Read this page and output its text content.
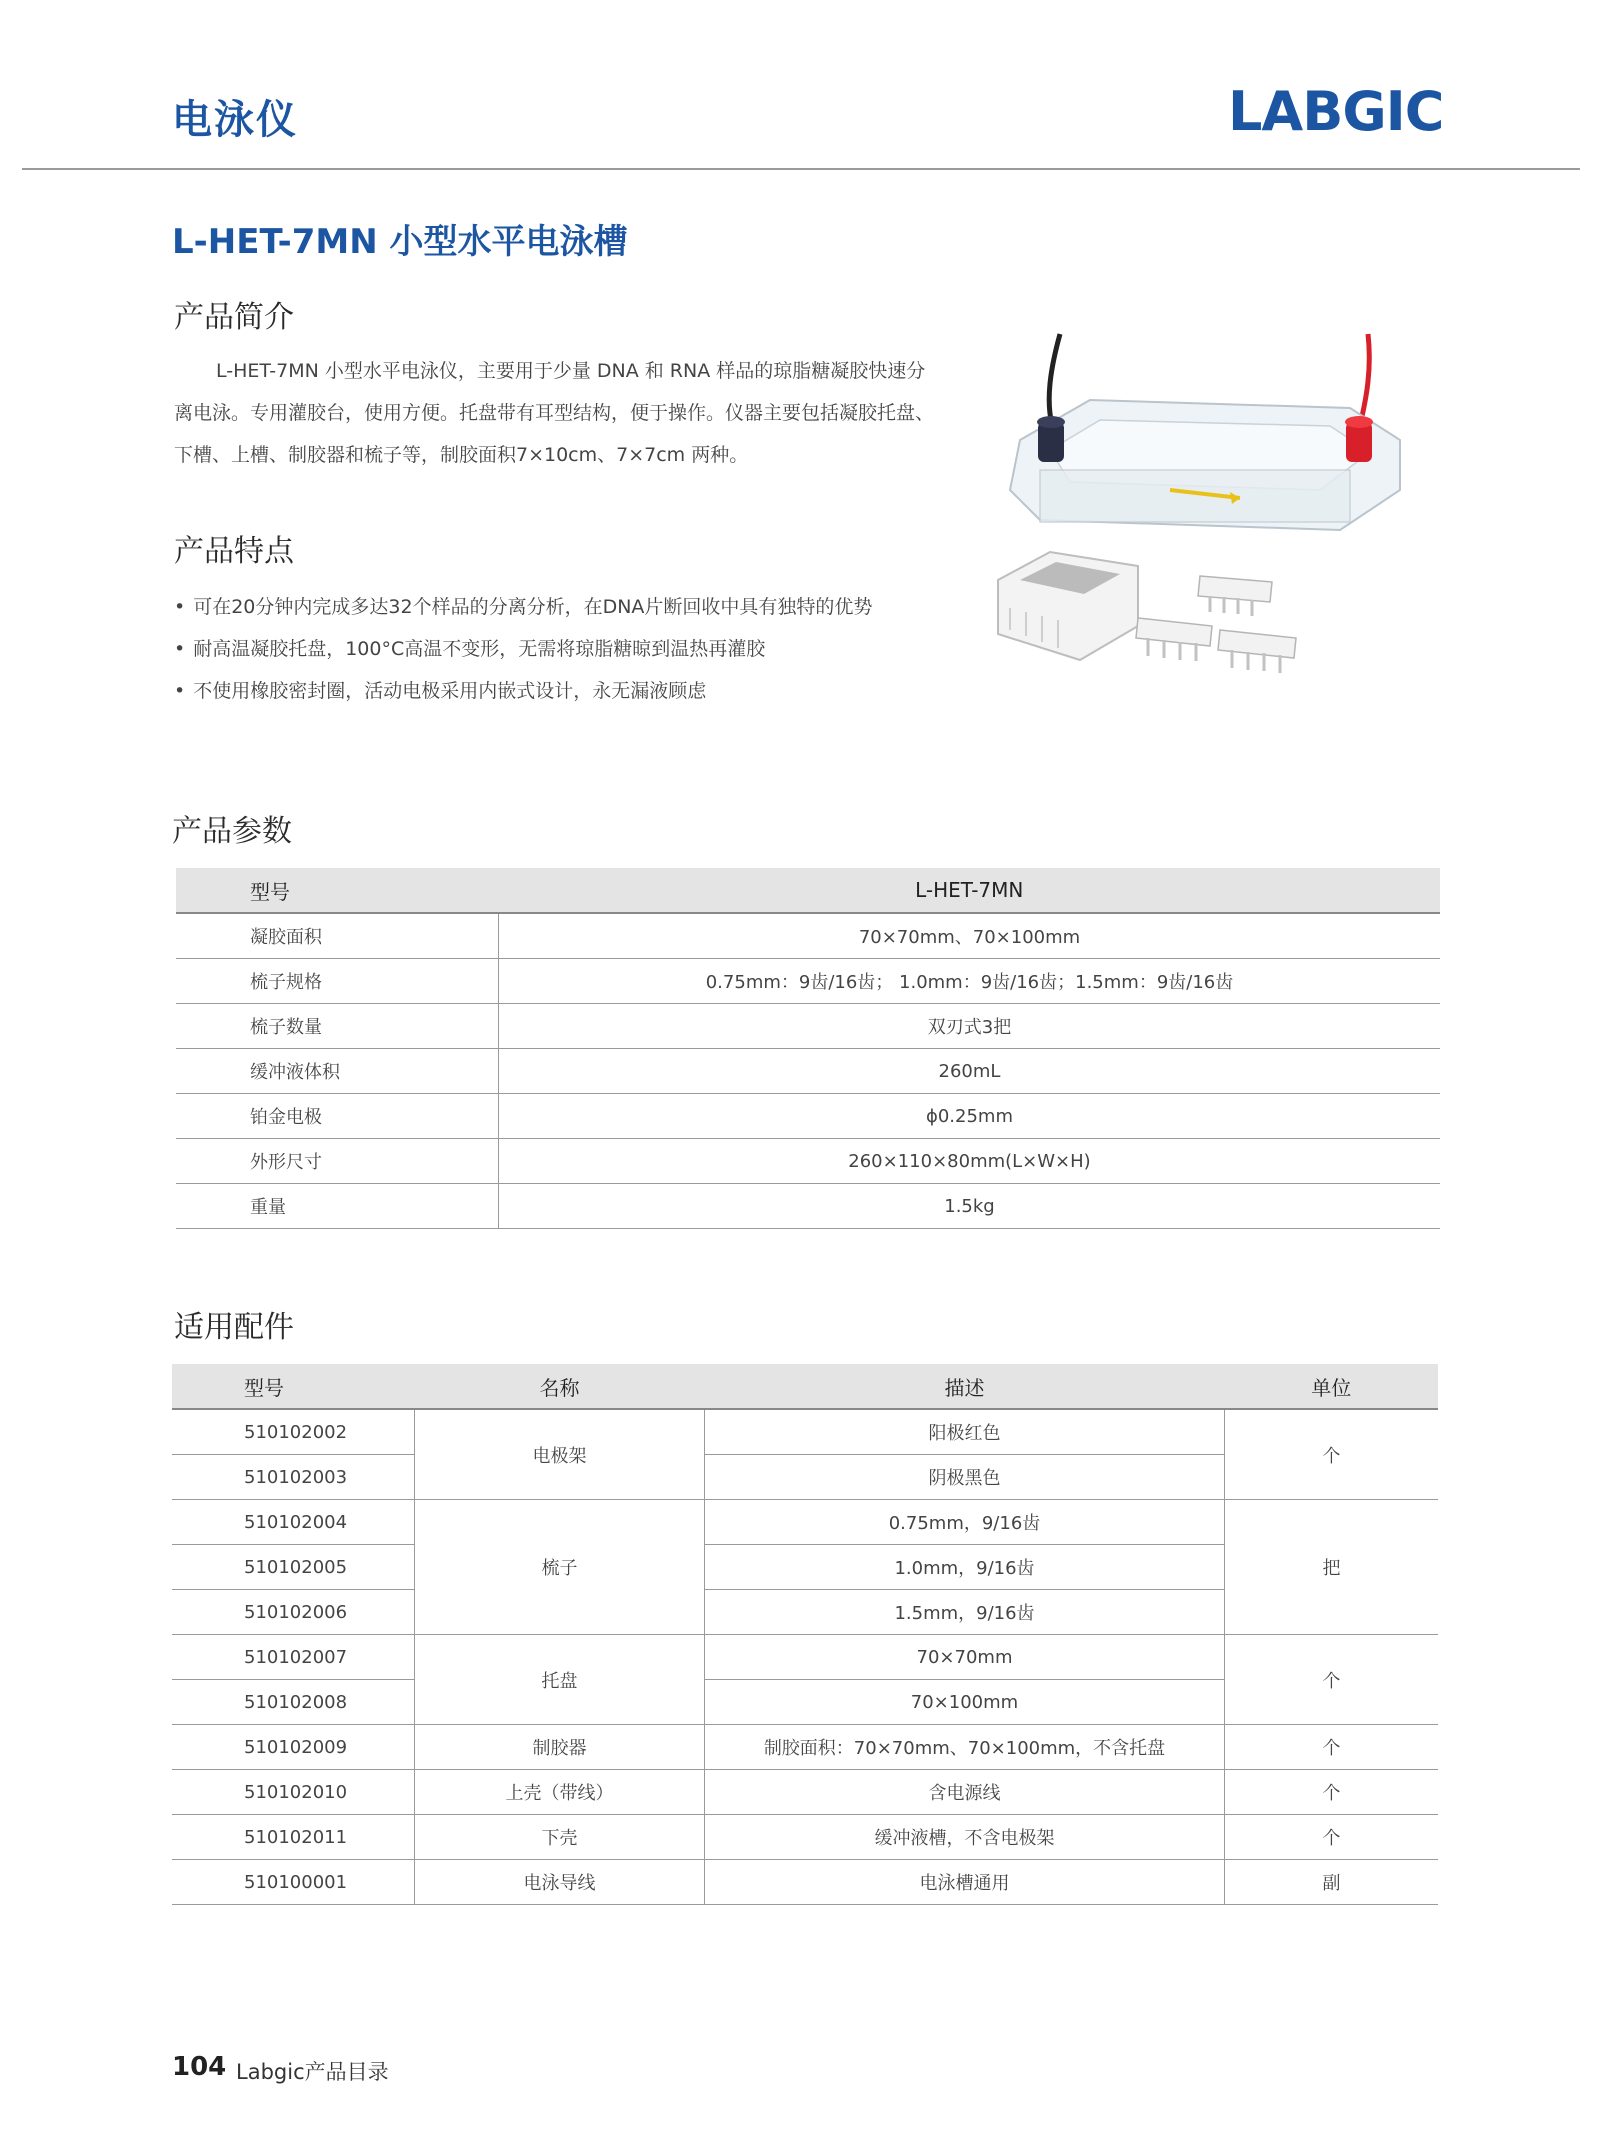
电泳仪	LABGIC
L-HET-7MN 小型水平电泳槽
产品简介
L-HET-7MN 小型水平电泳仪，主要用于少量 DNA 和 RNA 样品的琼脂糖凝胶快速分离电泳。专用灌胶台，使用方便。托盘带有耳型结构，便于操作。仪器主要包括凝胶托盘、下槽、上槽、制胶器和梳子等，制胶面积7×10cm、7×7cm 两种。
产品特点
• 可在20分钟内完成多达32个样品的分离分析，在DNA片断回收中具有独特的优势
• 耐高温凝胶托盘，100°C高温不变形，无需将琼脂糖晾到温热再灌胶
• 不使用橡胶密封圈，活动电极采用内嵌式设计，永无漏液顾虑
产品参数
型号	L-HET-7MN
凝胶面积	70×70mm、70×100mm
梳子规格	0.75mm：9齿/16齿； 1.0mm：9齿/16齿；1.5mm：9齿/16齿
梳子数量	双刃式3把
缓冲液体积	260mL
铂金电极	ɸ0.25mm
外形尺寸	260×110×80mm(L×W×H)
重量	1.5kg
适用配件
型号	名称	描述	单位
510102002	电极架	阳极红色	个
510102003		阴极黑色	
510102004	梳子	0.75mm，9/16齿	把
510102005		1.0mm，9/16齿	
510102006		1.5mm，9/16齿	
510102007	托盘	70×70mm	个
510102008		70×100mm	
510102009	制胶器	制胶面积：70×70mm、70×100mm，不含托盘	个
510102010	上壳（带线）	含电源线	个
510102011	下壳	缓冲液槽，不含电极架	个
510100001	电泳导线	电泳槽通用	副
104 Labgic产品目录
